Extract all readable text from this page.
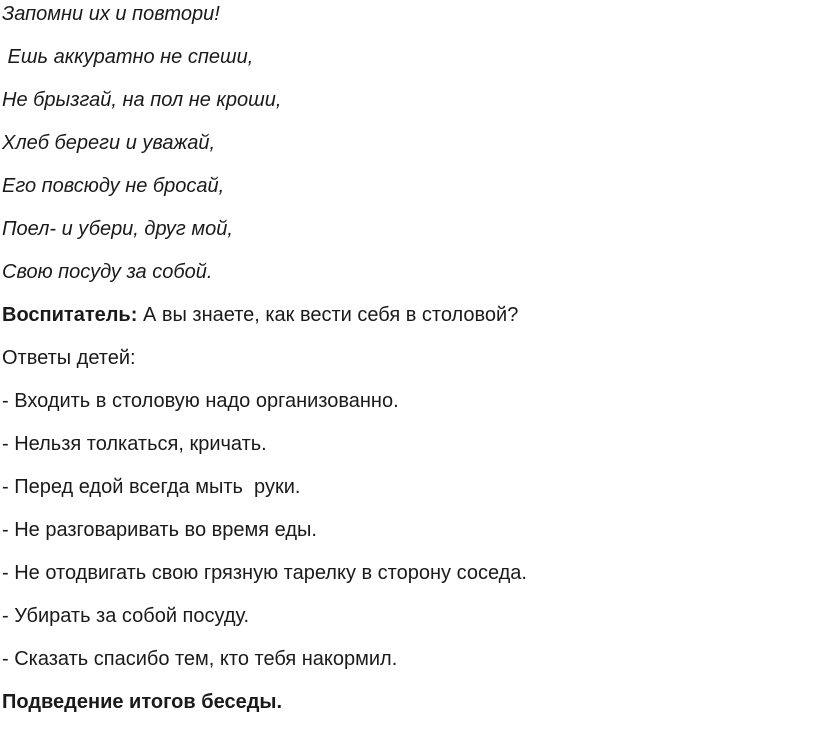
Запомни их и повтори!
Ешь аккуратно не спеши,
Не брызгай, на пол не кроши,
Хлеб береги и уважай,
Его повсюду не бросай,
Поел- и убери, друг мой,
Свою посуду за собой.
Воспитатель: А вы знаете, как вести себя в столовой?
Ответы детей:
- Входить в столовую надо организованно.
- Нельзя толкаться, кричать.
- Перед едой всегда мыть  руки.
- Не разговаривать во время еды.
- Не отодвигать свою грязную тарелку в сторону соседа.
- Убирать за собой посуду.
- Сказать спасибо тем, кто тебя накормил.
Подведение итогов беседы.
